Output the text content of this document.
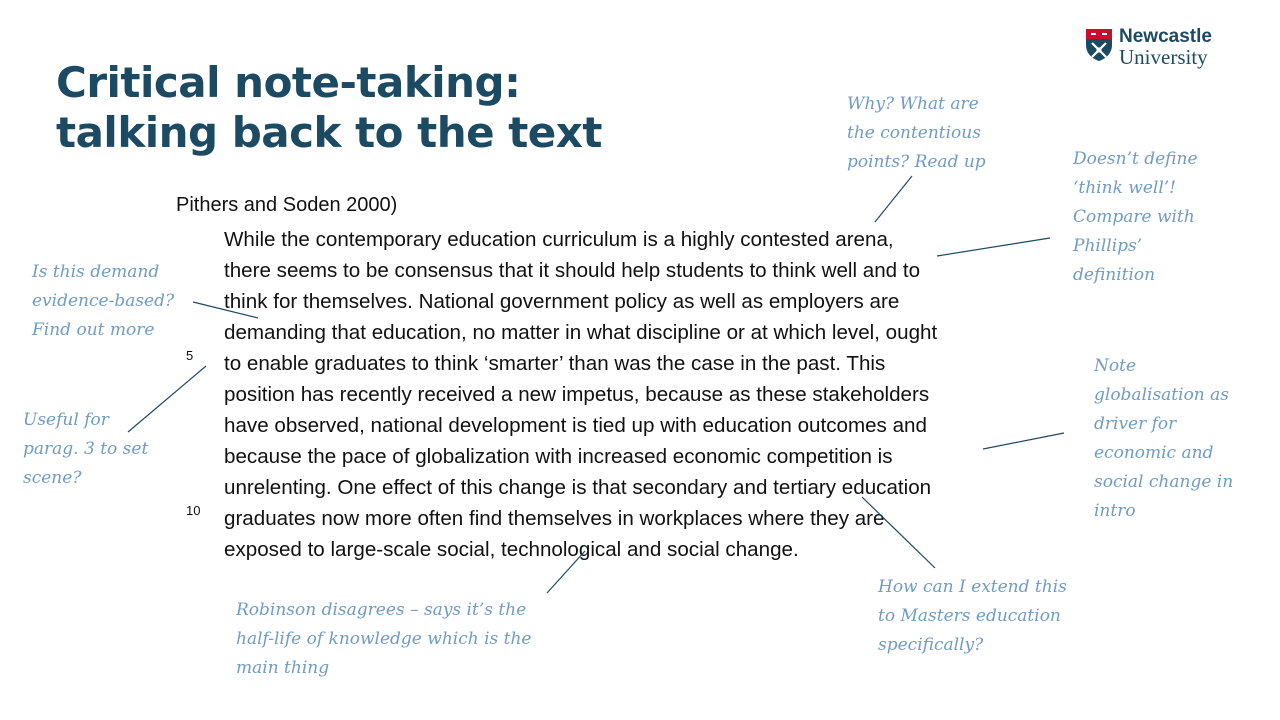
Critical note-taking:
talking back to the text
Newcastle
University
Pithers and Soden 2000)
5
10
While the contemporary education curriculum is a highly contested arena,
there seems to be consensus that it should help students to think well and to
think for themselves. National government policy as well as employers are
demanding that education, no matter in what discipline or at which level, ought
to enable graduates to think ‘smarter’ than was the case in the past. This
position has recently received a new impetus, because as these stakeholders
have observed, national development is tied up with education outcomes and
because the pace of globalization with increased economic competition is
unrelenting. One effect of this change is that secondary and tertiary education
graduates now more often find themselves in workplaces where they are
exposed to large-scale social, technological and social change.
Why? What are
the contentious
points? Read up	Doesn’t define
‘think well’!
Compare with
Phillips’
definition
Is this demand
evidence-based?
Find out more
Useful for
parag. 3 to set
scene?
Note
globalisation as
driver for
economic and
social change in
intro
How can I extend this
to Masters education
specifically?
Robinson disagrees – says it’s the
half-life of knowledge which is the
main thing
